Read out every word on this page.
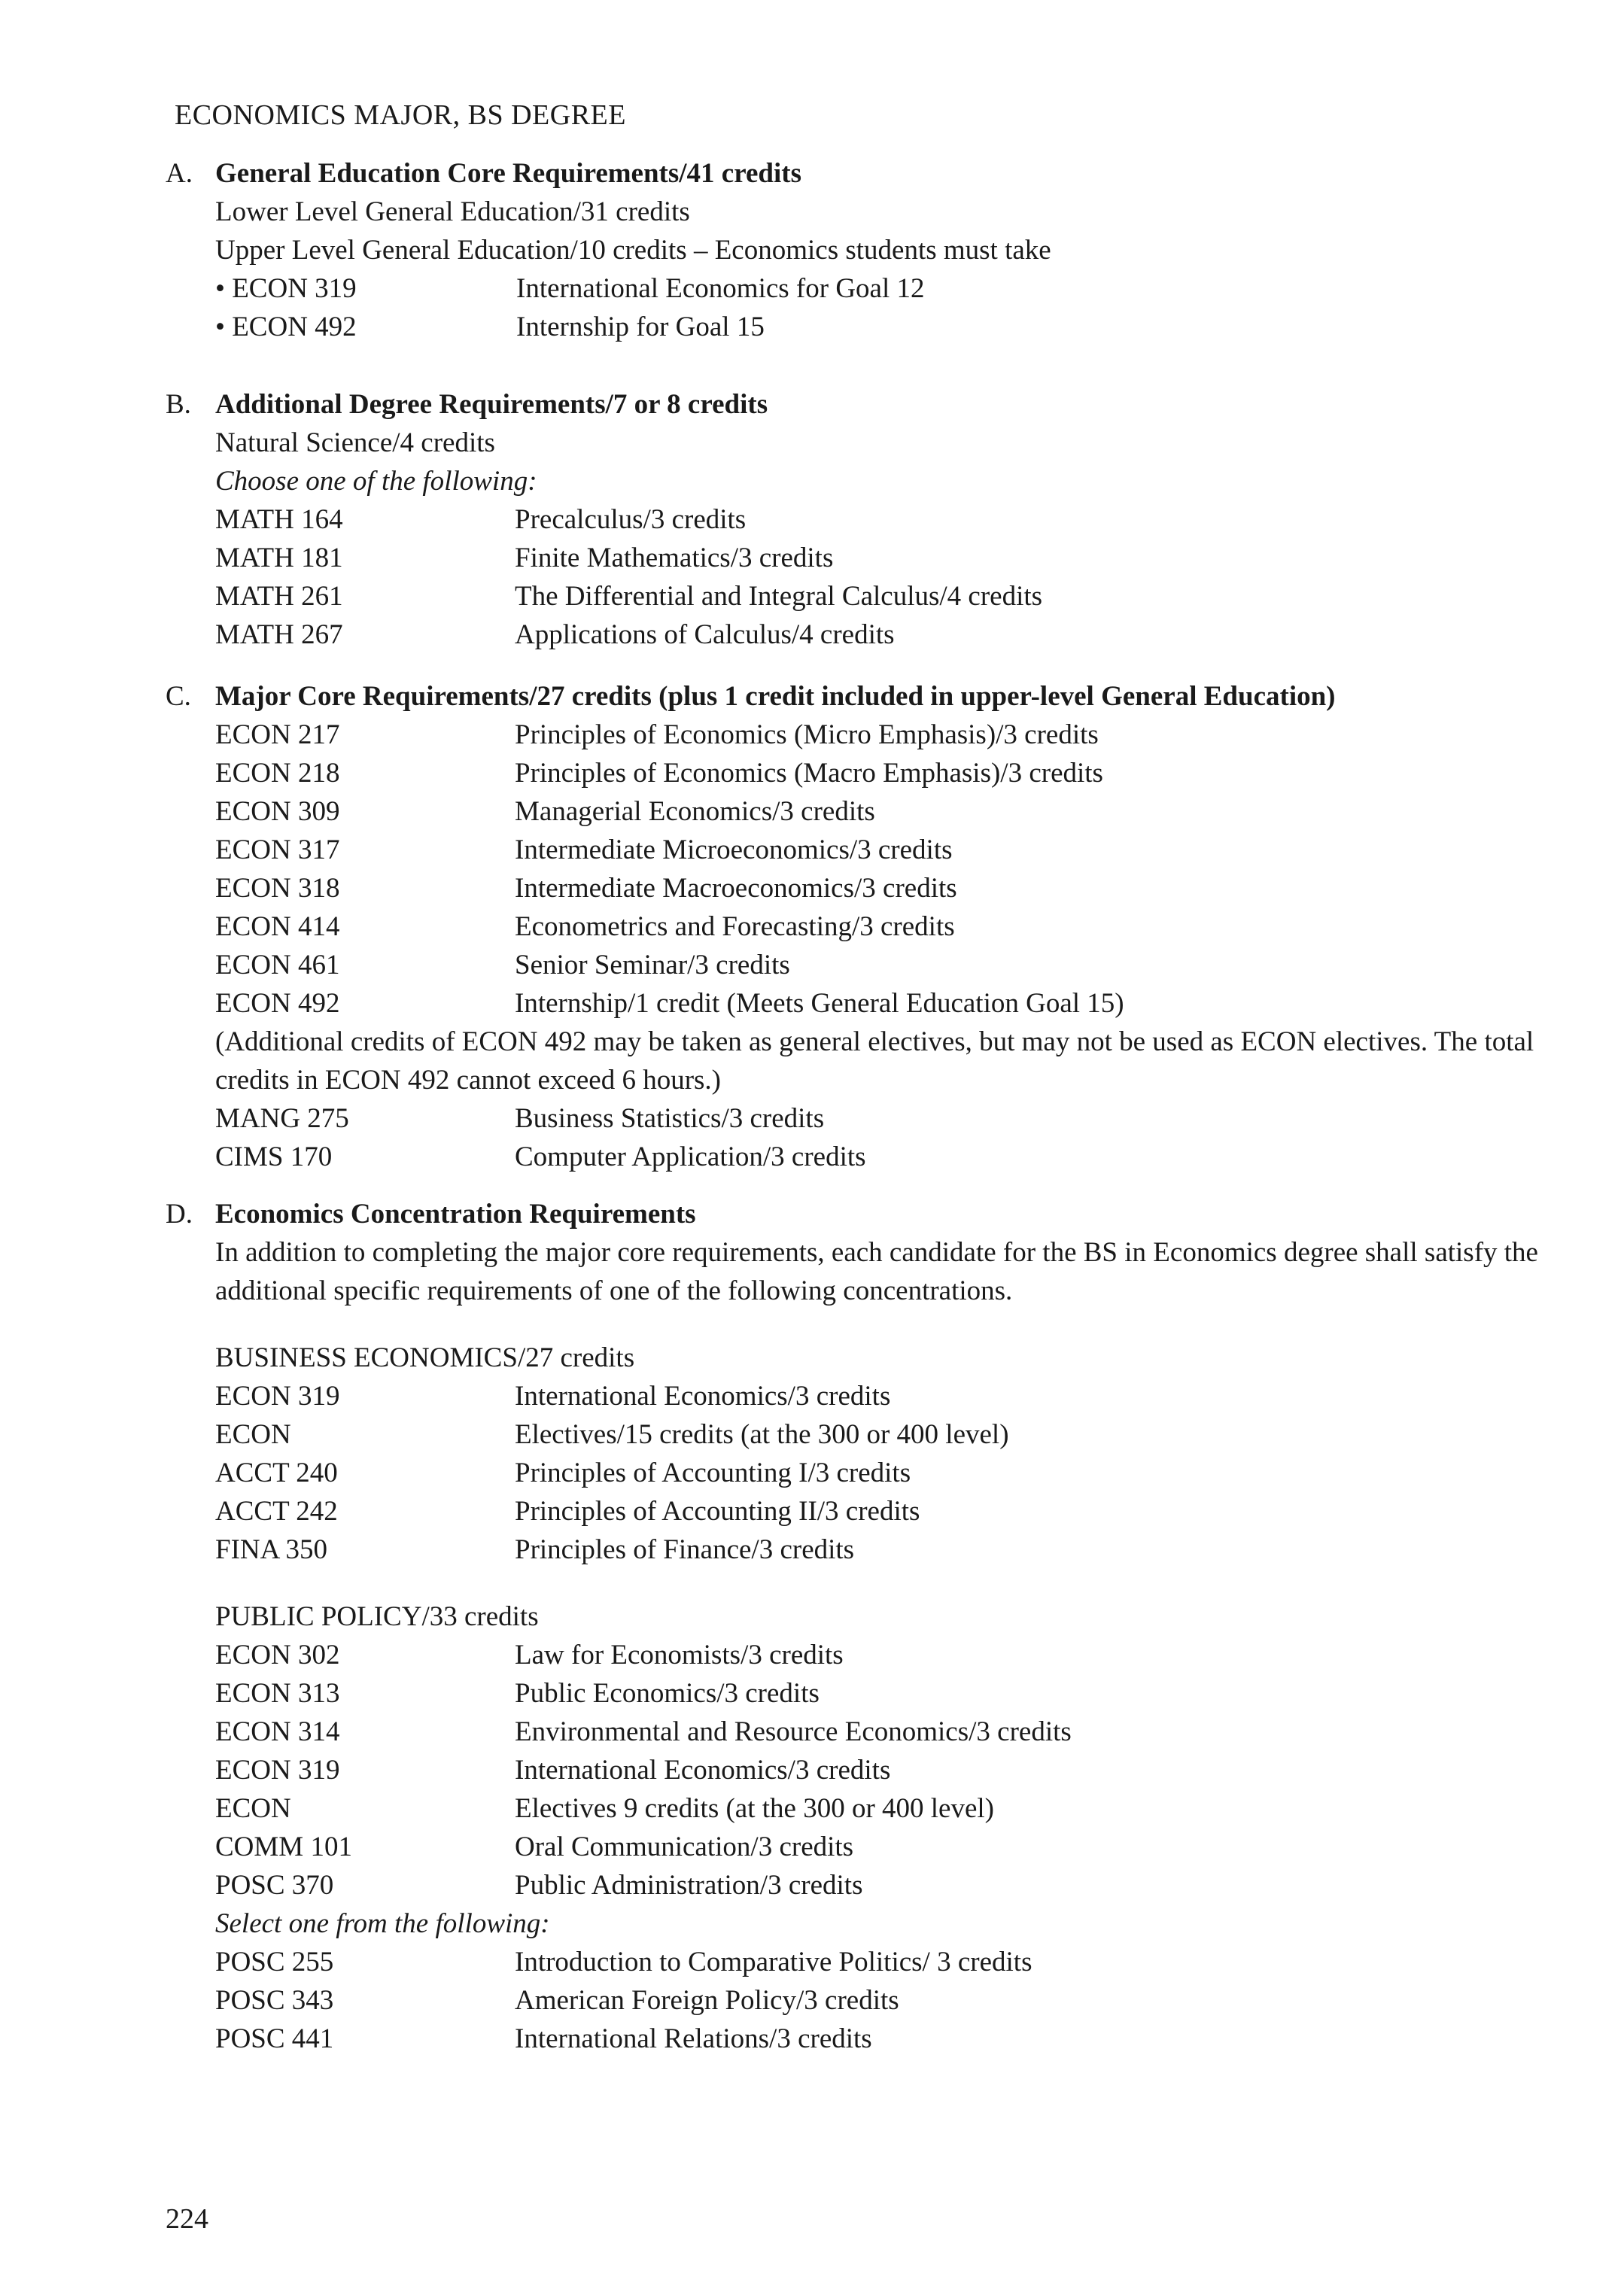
ECONOMICS MAJOR, BS DEGREE
A. General Education Core Requirements/41 credits
Lower Level General Education/31 credits
Upper Level General Education/10 credits – Economics students must take
• ECON 319	International Economics for Goal 12
• ECON 492	Internship for Goal 15
B. Additional Degree Requirements/7 or 8 credits
Natural Science/4 credits
Choose one of the following:
MATH 164	Precalculus/3 credits
MATH 181	Finite Mathematics/3 credits
MATH 261	The Differential and Integral Calculus/4 credits
MATH 267	Applications of Calculus/4 credits
C. Major Core Requirements/27 credits (plus 1 credit included in upper-level General Education)
ECON 217	Principles of Economics (Micro Emphasis)/3 credits
ECON 218	Principles of Economics (Macro Emphasis)/3 credits
ECON 309	Managerial Economics/3 credits
ECON 317	Intermediate Microeconomics/3 credits
ECON 318	Intermediate Macroeconomics/3 credits
ECON 414	Econometrics and Forecasting/3 credits
ECON 461	Senior Seminar/3 credits
ECON 492	Internship/1 credit (Meets General Education Goal 15)
(Additional credits of ECON 492 may be taken as general electives, but may not be used as ECON electives. The total credits in ECON 492 cannot exceed 6 hours.)
MANG 275	Business Statistics/3 credits
CIMS 170	Computer Application/3 credits
D. Economics Concentration Requirements
In addition to completing the major core requirements, each candidate for the BS in Economics degree shall satisfy the additional specific requirements of one of the following concentrations.
BUSINESS ECONOMICS/27 credits
ECON 319	International Economics/3 credits
ECON	Electives/15 credits (at the 300 or 400 level)
ACCT 240	Principles of Accounting I/3 credits
ACCT 242	Principles of Accounting II/3 credits
FINA 350	Principles of Finance/3 credits
PUBLIC POLICY/33 credits
ECON 302	Law for Economists/3 credits
ECON 313	Public Economics/3 credits
ECON 314	Environmental and Resource Economics/3 credits
ECON 319	International Economics/3 credits
ECON	Electives 9 credits (at the 300 or 400 level)
COMM 101	Oral Communication/3 credits
POSC 370	Public Administration/3 credits
Select one from the following:
POSC 255	Introduction to Comparative Politics/ 3 credits
POSC 343	American Foreign Policy/3 credits
POSC 441	International Relations/3 credits
224
